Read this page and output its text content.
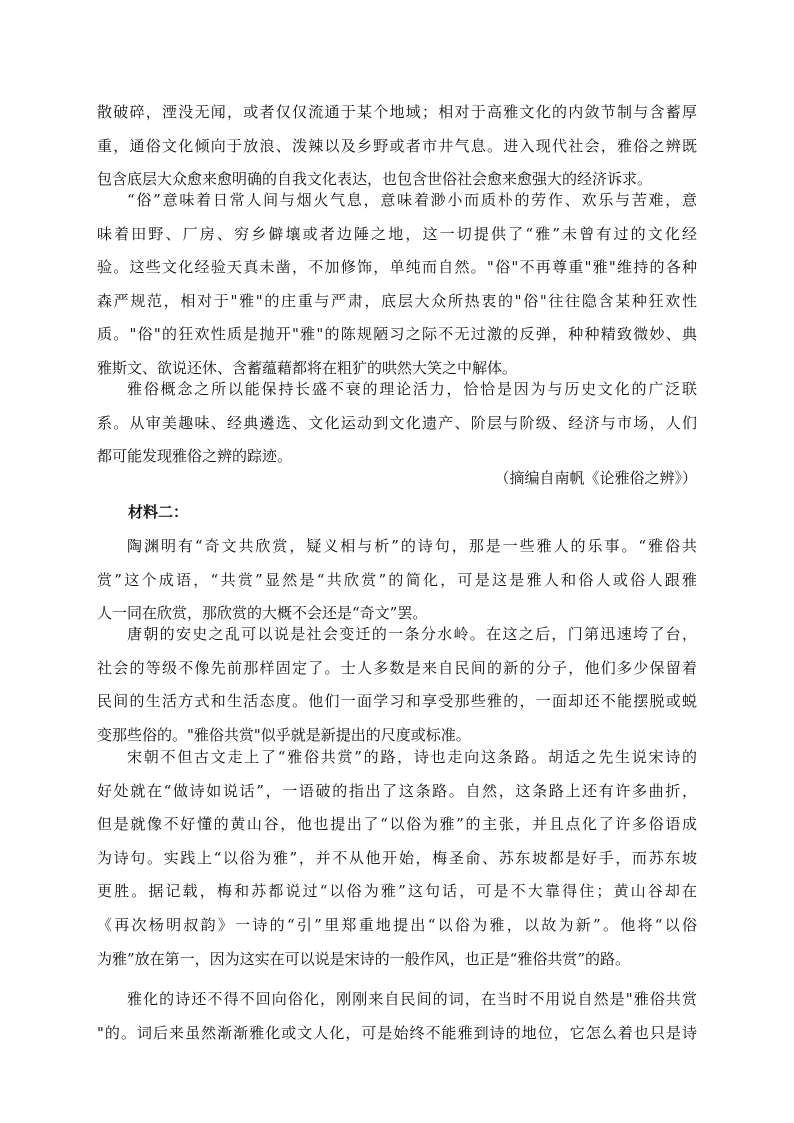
散破碎，湮没无闻，或者仅仅流通于某个地域；相对于高雅文化的内敛节制与含蓄厚
重，通俗文化倾向于放浪、泼辣以及乡野或者市井气息。进入现代社会，雅俗之辨既
包含底层大众愈来愈明确的自我文化表达，也包含世俗社会愈来愈强大的经济诉求。
“俗”意味着日常人间与烟火气息，意味着渺小而质朴的劳作、欢乐与苦难，意
味着田野、厂房、穷乡僻壤或者边陲之地，这一切提供了“雅”未曾有过的文化经
验。这些文化经验天真未凿，不加修饰，单纯而自然。"俗"不再尊重"雅"维持的各种
森严规范，相对于"雅"的庄重与严肃，底层大众所热衷的"俗"往往隐含某种狂欢性
质。"俗"的狂欢性质是抛开"雅"的陈规陋习之际不无过激的反弹，种种精致微妙、典
雅斯文、欲说还休、含蓄蕴藉都将在粗犷的哄然大笑之中解体。
雅俗概念之所以能保持长盛不衰的理论活力，恰恰是因为与历史文化的广泛联
系。从审美趣味、经典遴选、文化运动到文化遗产、阶层与阶级、经济与市场，人们
都可能发现雅俗之辨的踪迹。
（摘编自南帆《论雅俗之辨》）
材料二：
陶渊明有“奇文共欣赏，疑义相与析”的诗句，那是一些雅人的乐事。“雅俗共
赏”这个成语，“共赏”显然是“共欣赏”的简化，可是这是雅人和俗人或俗人跟雅
人一同在欣赏，那欣赏的大概不会还是“奇文”罢。
唐朝的安史之乱可以说是社会变迁的一条分水岭。在这之后，门第迅速垮了台，
社会的等级不像先前那样固定了。士人多数是来自民间的新的分子，他们多少保留着
民间的生活方式和生活态度。他们一面学习和享受那些雅的，一面却还不能摆脱或蜕
变那些俗的。"雅俗共赏"似乎就是新提出的尺度或标准。
宋朝不但古文走上了“雅俗共赏”的路，诗也走向这条路。胡适之先生说宋诗的
好处就在“做诗如说话”，一语破的指出了这条路。自然，这条路上还有许多曲折，
但是就像不好懂的黄山谷，他也提出了“以俗为雅”的主张，并且点化了许多俗语成
为诗句。实践上“以俗为雅”，并不从他开始，梅圣俞、苏东坡都是好手，而苏东坡
更胜。据记载，梅和苏都说过“以俗为雅”这句话，可是不大靠得住；黄山谷却在
《再次杨明叔韵》一诗的“引”里郑重地提出“以俗为雅，以故为新”。他将“以俗
为雅”放在第一，因为这实在可以说是宋诗的一般作风，也正是“雅俗共赏”的路。
雅化的诗还不得不回向俗化，刚刚来自民间的词，在当时不用说自然是"雅俗共赏
"的。词后来虽然渐渐雅化或文人化，可是始终不能雅到诗的地位，它怎么着也只是诗
